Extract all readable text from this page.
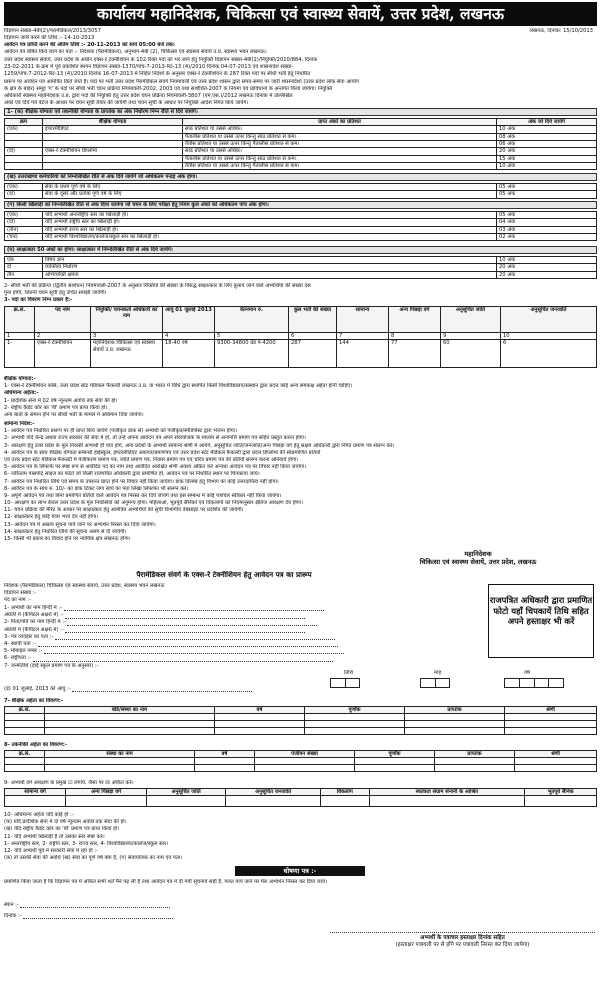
कार्यालय महानिदेशक, चिकित्सा एवं स्वास्थ्य सेवायें, उत्तर प्रदेश, लखनऊ
विज्ञापन संख्या-4बी(2)/परामेडिकल/2013/3057	लखनऊ, दिनांक: 15/10/2013
विज्ञापन जारी करने की तिथि :- 14-10-2013
आवेदन पत्र प्राप्ति करने की अंतिम तिथि :- 20-11-2013 को सायं 05:00 बजे तक।
आवेदन पत्र प्रेषित किये जाने का पता :- निदेशक (पैरामेडिकल), अनुभाग-4बी (2), चिकित्सा एवं स्वास्थ्य सेवायें उ.प्र. स्वास्थ्य भवन लखनऊ।
उत्तर प्रदेश स्वास्थ्य सेवायें, उत्तर प्रदेश के अधीन एक्स-रे टेक्नीशियन के 102 रिक्त पदों को भरे जाने हेतु नियुक्ति विज्ञापन संख्या-4बी(2)/नियुक्ति/2010/884, दिनांक
23-02-2011 के क्रम में पूर्व प्रकाशित स्थगन विज्ञापन संख्या-1370/पांच-7-2013-रिट-13 (4)/2010 दिनांक 04-07-2013 एवं शासनादेश संख्या-
1259/पांच-7-2012-रिट-13 (4)/2010 दिनांक 16-07-2013 में निहित निर्देशों के अनुसार एक्स-रे टेक्नीशियन के 287 रिक्त पदों पर सीधी भर्ती हेतु निर्धारित
प्रारूप पर आवेदन पत्र आमंत्रित किये जाते हैं। पदों पर भर्ती उत्तर प्रदेश पैरामेडिकल संवर्ग नियमावली एवं उत्तर प्रदेश शासन द्वारा समय-समय पर जारी शासनादेशों (उत्तर प्रदेश लोक सेवा आयोग
के क्षेत्र के बाहर) समूह 'ग' के पदों पर सीधी भर्ती चयन प्रक्रिया नियमावली-2002, 2003 एवं यथा संशोधित-2007 के नियमों एवं प्राविधानों के अन्तर्गत किया जायेगा। नियुक्ति
अधिकारी स्वास्थ्य महानिदेशक उ.प्र. द्वारा पदों की नियुक्ति हेतु उत्तर प्रदेश चयन प्रक्रिया नियमावली-3807 (एम.एस.)/2012 लखनऊ दिनांक में उल्लिखित
अंकों एवं दिये गये वेटेज के आधार पर चयन सूची तैयार की जायेगी तथा चयन सूची के आधार पर नियुक्ति आदेश निर्गत किये जायेंगे।
1- (क) शैक्षिक योग्यता एवं तकनीकी योग्यता के प्राप्तांक का अंक निर्धारण निम्न रीति से दिये जायेंगे।
क्रम	शैक्षिक योग्यता	प्राप्त अंकों का प्रतिशत	अंक जो दिये जायेंगे
(एक)	इण्टरमीडिएट	साठ प्रतिशत या उससे अधिक।	10 अंक
		पैतालीस प्रतिशत या उससे ऊपर किन्तु साठ प्रतिशत से कम।	08 अंक
		तैतीस प्रतिशत या उससे ऊपर किन्तु पैतालीस प्रतिशत से कम।	06 अंक
(दो)	एक्स-रे टेक्नीशियन डिप्लोमा	साठ प्रतिशत या उससे अधिक।	20 अंक
		पैतालीस प्रतिशत या उससे ऊपर किन्तु साठ प्रतिशत से कम।	15 अंक
		तैतीस प्रतिशत या उससे ऊपर किन्तु पैतालीस प्रतिशत से कम।	10 अंक
(ख) उत्तराखण्ड कर्मचारियों को निम्नलिखित रीति से अंक दिये जायेंगे जो अधिकतम पन्द्रह अंक होगा।
(एक)	सेवा के प्रथम पूर्ण वर्ष के लिए	05 अंक
(दो)	सेवा के दूसरे और प्रत्येक पूर्ण वर्ष के लिए	05 अंक
(ग) किसी खिलाड़ी को निम्नलिखित रीति से अंक दिया जायेगा जो चयन के लिए परीक्षा हेतु नियम कुल अंकों को अधिकतम पांच अंक होगा।
(एक)	यदि अभ्यर्थी अन्तर्राष्ट्रीय स्तर का खिलाड़ी हो।	05 अंक
(दो)	यदि अभ्यर्थी राष्ट्रीय स्तर का खिलाड़ी हो।	04 अंक
(तीन)	यदि अभ्यर्थी राज्य स्तर का खिलाड़ी हो।	03 अंक
(चार)	यदि अभ्यर्थी विश्वविद्यालय/कालेज/स्कूल स्तर का खिलाड़ी हो।	02 अंक
(घ) साक्षात्कार 50 अंकों का होगा। साक्षात्कार में निम्नलिखित रीति से अंक दिये जायेंगे।
एक	विषय ज्ञान	10 अंक
दो	व्यक्तित्व निर्धारण	20 अंक
तीन	अभिव्यक्ति क्षमता	20 अंक
2- सीधी भर्ती की प्रक्रिया (द्वितीय संशोधन) नियमावली-2007 के अनुसार रिक्तियों की संख्या के विरुद्ध साक्षात्कार के लिए बुलाये जाने वाले अभ्यर्थियों की संख्या दस
गुना होगी, जितनी चयन सूची हेतु उचित समझी जायेगी।
3- पदों का विवरण निम्न प्रकार है:-
क्र.सं.	पद नाम	नियुक्ति/ चयनकर्ता अधिकारी का नाम	आयु 01 जुलाई 2013	वेतनमान रु.	कुल भर्ती की संख्या	सामान्य	अन्य पिछड़ा वर्ग	अनुसूचित जाति	अनुसूचित जनजाति
1	2	3	4	5	6	7	8	9	10
1-	एक्स-रे टेक्नीशियन	महानिदेशक चिकित्सा एवं स्वास्थ्य सेवायें उ.प्र. लखनऊ	18-40 वर्ष	9300-34800 ग्रेड पे-4200	287	144	77	60	6
शैक्षिक योग्यता:-
1- एक्स-रे टेक्नीशियन कोर्स, उत्तर प्रदेश स्टेट मेडिकल फैकल्टी लखनऊ उ.प्र. या भारत में विधि द्वारा स्थापित किसी विश्वविद्यालय/संस्थान द्वारा प्रदत्त कोई अन्य समकक्ष अर्हता होनी चाहिए।
अधिमान्य अर्हता:-
1- प्रादेशिक सेना में 02 वर्ष न्यूनतम अवधि तक सेवा की हो।
2- राष्ट्रीय कैडेट कोर का 'बी' प्रमाण पत्र प्राप्त किया हो।
अन्य बातों के समान होने पर सीधी भर्ती के मामले में अधिमान दिया जायेगा।
सामान्य निर्देश:-
1- आवेदन पत्र निर्धारित प्रारूप पर ही प्राप्त किये जायेंगे (पंजीकृत डाक से) अभ्यर्थी को पंजीकृत/स्पीडपोस्ट द्वारा भेजना होगा।
2- अभ्यर्थी यदि केन्द्र अथवा राज्य सरकार की सेवा में हों, तो उन्हें अपना आवेदन पत्र अपने सेवायोजक के माध्यम से अनापत्ति प्रमाण पत्र सहित प्रस्तुत करना होगा।
3- आरक्षण हेतु उत्तर प्रदेश के मूल निवासी अभ्यर्थी ही पात्र होंगे, अन्य प्रदेशों के अभ्यर्थी सामान्य श्रेणी में आयेंगे, अनुसूचित जाति/जनजाति/अन्य पिछड़ा वर्ग हेतु सक्षम अधिकारी द्वारा निर्गत प्रमाण पत्र संलग्न करें।
4- आवेदन पत्र के साथ शैक्षिक योग्यता सम्बन्धी हाईस्कूल, इण्टरमीडिएट अंकपत्र/प्रमाणपत्र एवं उत्तर प्रदेश स्टेट मेडिकल फैकल्टी द्वारा प्रदत्त डिप्लोमा की स्वप्रमाणित प्रतियाँ
एवं उत्तर प्रदेश स्टेट मेडिकल फैकल्टी में पंजीकरण प्रमाण पत्र, जाति प्रमाण पत्र, निवास प्रमाण पत्र एवं चरित्र प्रमाण पत्र की प्रतियाँ संलग्न करना अनिवार्य होगा।
5- आवेदन पत्र के लिफाफे पर स्पष्ट रूप से आवेदित पद का नाम तथा आवेदित आरक्षित श्रेणी अवश्य अंकित करें अन्यथा आवेदन पत्र पर विचार नहीं किया जायेगा।
6- नवीनतम पासपोर्ट साइज का फोटो जो किसी राजपत्रित अधिकारी द्वारा प्रमाणित हो, आवेदन पत्र पर निर्धारित स्थान पर चिपकाया जाये।
7- आवेदन पत्र निर्धारित तिथि एवं समय के उपरान्त प्राप्त होने पर विचार नहीं किया जायेगा। डाक विलम्ब हेतु विभाग का कोई उत्तरदायित्व नहीं होगा।
8- आवेदन पत्र के साथ रु. 10/- का डाक टिकट लगा स्वयं का पता लिखा लिफाफा भी संलग्न करें।
9- अपूर्ण आवेदन पत्र तथा बिना प्रमाणित प्रतियों वाले आवेदन पत्र निरस्त कर दिये जायेंगे तथा इस सम्बन्ध में कोई पत्राचार स्वीकार नहीं किया जायेगा।
10- आरक्षण का लाभ केवल उत्तर प्रदेश के मूल निवासियों को अनुमन्य होगा। महिलाओं, भूतपूर्व सैनिकों एवं विकलांगों को नियमानुसार क्षैतिज आरक्षण देय होगा।
11- चयन प्रक्रिया की मेरिट के आधार पर साक्षात्कार हेतु आमंत्रित अभ्यर्थियों की सूची विभागीय वेबसाइट पर प्रदर्शित की जायेगी।
12- साक्षात्कार हेतु कोई यात्रा भत्ता देय नहीं होगा।
13- आवेदन पत्र में असत्य सूचना पाये जाने पर अभ्यर्थन निरस्त कर दिया जायेगा।
14- साक्षात्कार हेतु निर्धारित तिथि की सूचना अलग से दी जायेगी।
15- किसी भी प्रकार का विवाद होने पर न्यायिक क्षेत्र लखनऊ होगा।
महानिदेशक
चिकित्सा एवं स्वास्थ्य सेवायें, उत्तर प्रदेश, लखनऊ
पैरामेडिकल संवर्ग के एक्स-रे टेक्नीशियन हेतु आवेदन पत्र का प्रारूप
निदेशक (पैरामेडिकल) चिकित्सा एवं स्वास्थ्य सेवायें, उत्तर प्रदेश, स्वास्थ्य भवन लखनऊ
विज्ञापन संख्या :-
पद का नाम :-	राजपत्रित अधिकारी द्वारा प्रमाणित फोटो यहाँ चिपकायें तिथि सहित अपने हस्ताक्षर भी करें
1- अभ्यर्थी का नाम हिन्दी में :-
अंग्रेजी में (कैपिटल अक्षरों में) :-
2- पिता/पति का नाम हिन्दी में :-
अंग्रेजी में (कैपिटल अक्षरों में) :-
3- पत्र व्यवहार का पता :-
4- स्थायी पता :-
5- मोबाइल नम्बर :-
6- राष्ट्रीयता :-
7- जन्मतिथि (हाई स्कूल प्रमाण पत्र के अनुसार) :-
तिथि	माह	वर्ष

(ड़) 01 जुलाई, 2013 को आयु :-
7- शैक्षिक अर्हता का विवरण:-
क्र.सं.	बोर्ड/संस्था का नाम	वर्ष	पूर्णांक	प्राप्तांक	श्रेणी

8- तकनीकी अर्हता का विवरण:-
क्र.सं.	संस्था का नाम	वर्ष	पंजीयन संख्या	पूर्णांक	प्राप्तांक	श्रेणी

9- अभ्यर्थी वर्ग आरक्षण के प्रमुख ☑ लगायें, जैसा पर ☒ अंकित करें।
सामान्य वर्ग	अन्य पिछड़ा वर्ग	अनुसूचित जाति	अनुसूचित जनजाति	विकलांग	स्वतंत्रता संग्राम सेनानी के आश्रित	भूतपूर्व सैनिक

10- अधिमान्य अर्हता यदि कोई हो :-
(क) यदि प्रादेशिक सेना में दो वर्ष न्यूनतम अवधि तक सेवा की हो।
(ख) यदि राष्ट्रीय कैडेट कोर का 'बी' प्रमाण पत्र प्राप्त किया हो।
11- यदि अभ्यर्थी खिलाड़ी है तो उसका स्तर स्पष्ट करें।
1- अन्तर्राष्ट्रीय स्तर, 2- राष्ट्रीय स्तर, 3- राज्य स्तर, 4- विश्वविद्यालय/कालेज/स्कूल स्तर।
12- यदि अभ्यर्थी पूर्व में सरकारी सेवा में रहा हो :-
(क) तो उसकी सेवा की अवधि (ख) सेवा का पूर्ण वर्ष क्या है, (ग) सेवायोजक का नाम एवं पता।
घोषणा पत्र :-
प्रमाणित किया जाता है कि विज्ञापन पत्र में अंकित सभी शर्तें मैंने पढ़ ली हैं तथा आवेदन पत्र में दी गयी सूचनायें सही हैं, गलत पाये जाने पर मेरा अभ्यर्थन निरस्त कर दिया जाये।
स्थान :-
दिनांक :-
अभ्यर्थी के पत्राचार हस्ताक्षर दिनांक सहित
(हस्ताक्षर पत्रावली पर से होंगे पर पत्रावली निरस्त कर दिया जायेगा)
